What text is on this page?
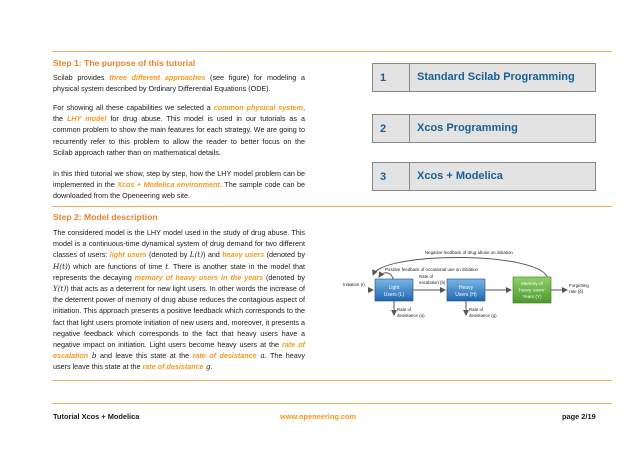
Step 1: The purpose of this tutorial
Scilab provides three different approaches (see figure) for modeling a physical system described by Ordinary Differential Equations (ODE).
For showing all these capabilities we selected a common physical system, the LHY model for drug abuse. This model is used in our tutorials as a common problem to show the main features for each strategy. We are going to recurrently refer to this problem to allow the reader to better focus on the Scilab approach rather than on mathematical details.
In this third tutorial we show, step by step, how the LHY model problem can be implemented in the Xcos + Modelica environment. The sample code can be downloaded from the Openeering web site.
1	Standard Scilab Programming
2	Xcos Programming
3	Xcos + Modelica
Step 2: Model description
The considered model is the LHY model used in the study of drug abuse. This model is a continuous-time dynamical system of drug demand for two different classes of users: light users (denoted by L(t)) and heavy users (denoted by H(t)) which are functions of time t. There is another state in the model that represents the decaying memory of heavy users in the years (denoted by Y(t)) that acts as a deterrent for new light users. In other words the increase of the deterrent power of memory of drug abuse reduces the contagious aspect of initiation. This approach presents a positive feedback which corresponds to the fact that light users promote initiation of new users and, moreover, it presents a negative feedback which corresponds to the fact that heavy users have a negative impact on initiation. Light users become heavy users at the rate of escalation b and leave this state at the rate of desistance a. The heavy users leave this state at the rate of desistance g.
Negative feedback of drug abuse on initiation
Positive feedback of occasional use on initiation
Initiation (I)
Light
Users (L)
Rate of
escalation (b)
Heavy
Users (H)
Memory of
heavy users'
Years (Y)
Forgetting
rate (δ)
Rate of
desistance (a)
Rate of
desistance (g)
Tutorial Xcos + Modelica	www.openeering.com	page 2/19
